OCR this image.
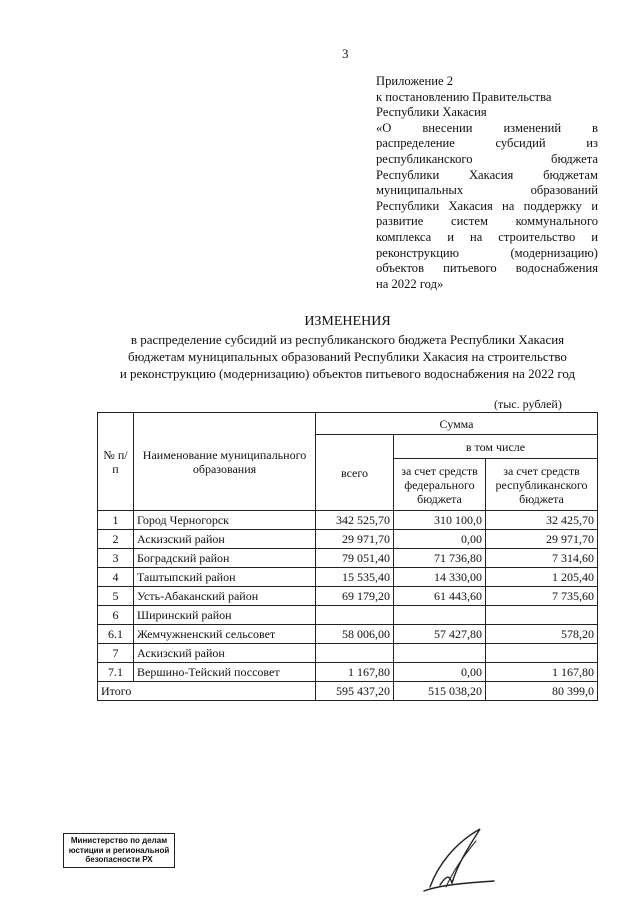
3
Приложение 2
к постановлению Правительства
Республики Хакасия
«О внесении изменений в
распределение субсидий из
республиканского бюджета
Республики Хакасия бюджетам
муниципальных образований
Республики Хакасия на поддержку и
развитие систем коммунального
комплекса и на строительство и
реконструкцию (модернизацию)
объектов питьевого водоснабжения
на 2022 год»
ИЗМЕНЕНИЯ
в распределение субсидий из республиканского бюджета Республики Хакасия
бюджетам муниципальных образований Республики Хакасия на строительство
и реконструкцию (модернизацию) объектов питьевого водоснабжения на 2022 год
(тыс. рублей)
№ п/п	Наименование муниципального образования	Сумма		
		всего	в том числе	
			за счет средств федерального бюджета	за счет средств республиканского бюджета
1	Город Черногорск	342 525,70	310 100,0	32 425,70
2	Аскизский район	29 971,70	0,00	29 971,70
3	Боградский район	79 051,40	71 736,80	7 314,60
4	Таштыпский район	15 535,40	14 330,00	1 205,40
5	Усть-Абаканский район	69 179,20	61 443,60	7 735,60
6	Ширинский район			
6.1	Жемчужненский сельсовет	58 006,00	57 427,80	578,20
7	Аскизский район			
7.1	Вершино-Тейский поссовет	1 167,80	0,00	1 167,80
Итого		595 437,20	515 038,20	80 399,0
Министерство по делам
юстиции и региональной
безопасности РХ
